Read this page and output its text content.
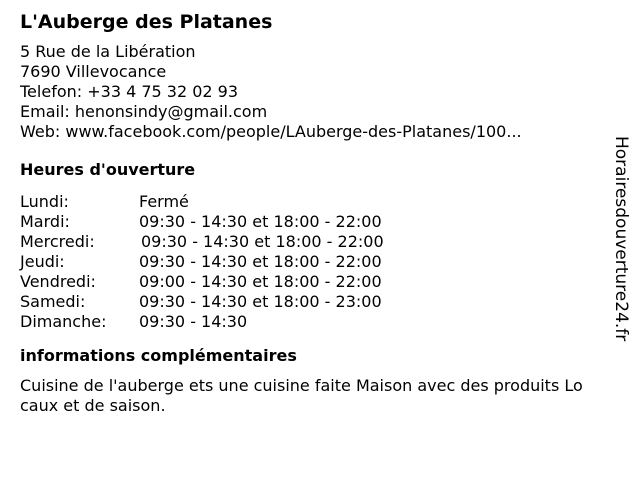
L'Auberge des Platanes
5 Rue de la Libération
7690 Villevocance
Telefon: +33 4 75 32 02 93
Email: henonsindy@gmail.com
Web: www.facebook.com/people/LAuberge-des-Platanes/100...
Heures d'ouverture
Lundi:	Fermé
Mardi:	09:30 - 14:30 et 18:00 - 22:00
Mercredi:	09:30 - 14:30 et 18:00 - 22:00
Jeudi:	09:30 - 14:30 et 18:00 - 22:00
Vendredi:	09:00 - 14:30 et 18:00 - 22:00
Samedi:	09:30 - 14:30 et 18:00 - 23:00
Dimanche: 09:30 - 14:30
informations complémentaires
Cuisine de l'auberge ets une cuisine faite Maison avec des produits Locaux et de saison.
Horairesdouverture24.fr
